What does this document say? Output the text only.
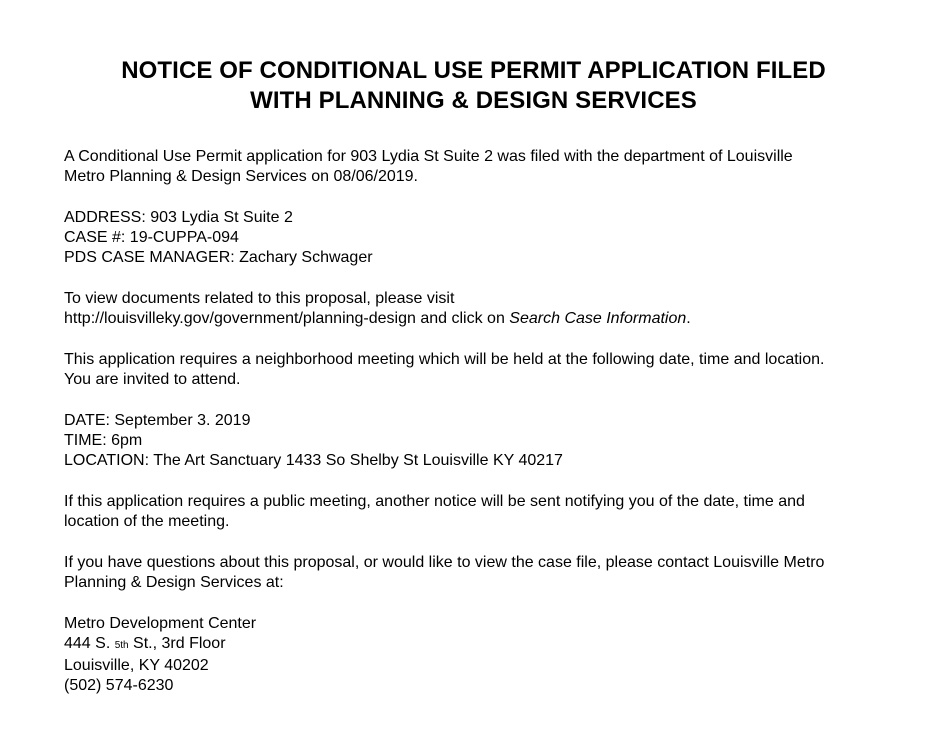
NOTICE OF CONDITIONAL USE PERMIT APPLICATION FILED
WITH PLANNING & DESIGN SERVICES
A Conditional Use Permit application for 903 Lydia St Suite 2 was filed with the department of Louisville
Metro Planning & Design Services on 08/06/2019.
ADDRESS: 903 Lydia St Suite 2
CASE #: 19-CUPPA-094
PDS CASE MANAGER: Zachary Schwager
To view documents related to this proposal, please visit
http://louisvilleky.gov/government/planning-design and click on Search Case Information.
This application requires a neighborhood meeting which will be held at the following date, time and location.
You are invited to attend.
DATE: September 3. 2019
TIME: 6pm
LOCATION: The Art Sanctuary 1433 So Shelby St Louisville KY 40217
If this application requires a public meeting, another notice will be sent notifying you of the date, time and
location of the meeting.
If you have questions about this proposal, or would like to view the case file, please contact Louisville Metro
Planning & Design Services at:
Metro Development Center
444 S. 5th St., 3rd Floor
Louisville, KY 40202
(502) 574-6230
